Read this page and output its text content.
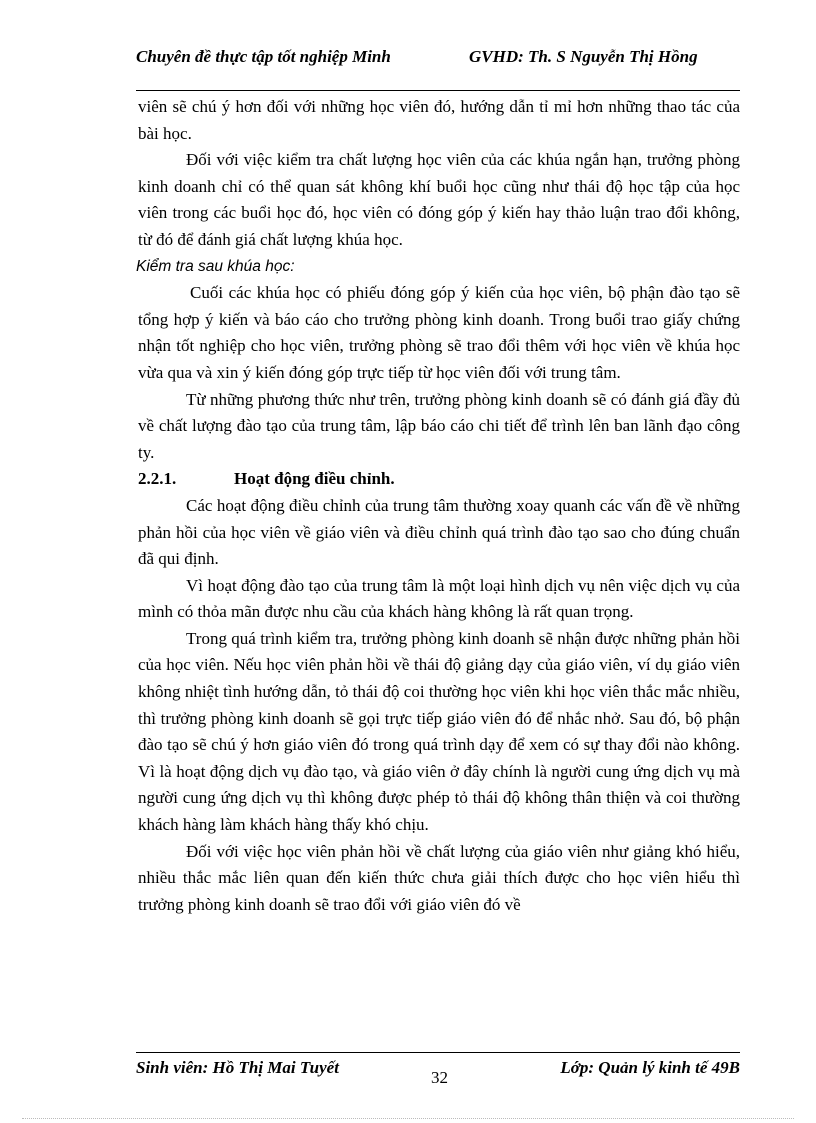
Chuyên đề thực tập tốt nghiệp Minh	GVHD: Th. S Nguyễn Thị Hồng

viên sẽ chú ý hơn đối với những học viên đó, hướng dẫn tỉ mỉ hơn những thao tác của bài học.

Đối với việc kiểm tra chất lượng học viên của các khúa ngắn hạn, trưởng phòng kinh doanh chỉ có thể quan sát không khí buổi học cũng như thái độ học tập của học viên trong các buổi học đó, học viên có đóng góp ý kiến hay thảo luận trao đổi không, từ đó để đánh giá chất lượng khúa học.

Kiểm tra sau khúa học:

Cuối các khúa học có phiếu đóng góp ý kiến của học viên, bộ phận đào tạo sẽ tổng hợp ý kiến và báo cáo cho trưởng phòng kinh doanh. Trong buổi trao giấy chứng nhận tốt nghiệp cho học viên, trưởng phòng sẽ trao đổi thêm với học viên về khúa học vừa qua và xin ý kiến đóng góp trực tiếp từ học viên đối với trung tâm.

Từ những phương thức như trên, trưởng phòng kinh doanh sẽ có đánh giá đầy đủ về chất lượng đào tạo của trung tâm, lập báo cáo chi tiết để trình lên ban lãnh đạo công ty.

2.2.1.	Hoạt động điều chỉnh.

Các hoạt động điều chỉnh của trung tâm thường xoay quanh các vấn đề về những phản hồi của học viên về giáo viên và điều chỉnh quá trình đào tạo sao cho đúng chuẩn đã qui định.

Vì hoạt động đào tạo của trung tâm là một loại hình dịch vụ nên việc dịch vụ của mình có thỏa mãn được nhu cầu của khách hàng không là rất quan trọng.

Trong quá trình kiểm tra, trưởng phòng kinh doanh sẽ nhận được những phản hồi của học viên. Nếu học viên phản hồi về thái độ giảng dạy của giáo viên, ví dụ giáo viên không nhiệt tình hướng dẫn, tỏ thái độ coi thường học viên khi học viên thắc mắc nhiều, thì trưởng phòng kinh doanh sẽ gọi trực tiếp giáo viên đó để nhắc nhở. Sau đó, bộ phận đào tạo sẽ chú ý hơn giáo viên đó trong quá trình dạy để xem có sự thay đổi nào không. Vì là hoạt động dịch vụ đào tạo, và giáo viên ở đây chính là người cung ứng dịch vụ mà người cung ứng dịch vụ thì không được phép tỏ thái độ không thân thiện và coi thường khách hàng làm khách hàng thấy khó chịu.

Đối với việc học viên phản hồi về chất lượng của giáo viên như giảng khó hiểu, nhiều thắc mắc liên quan đến kiến thức chưa giải thích được cho học viên hiểu thì trưởng phòng kinh doanh sẽ trao đổi với giáo viên đó về

Sinh viên: Hồ Thị Mai Tuyết
32
Lớp: Quản lý kinh tế 49B
